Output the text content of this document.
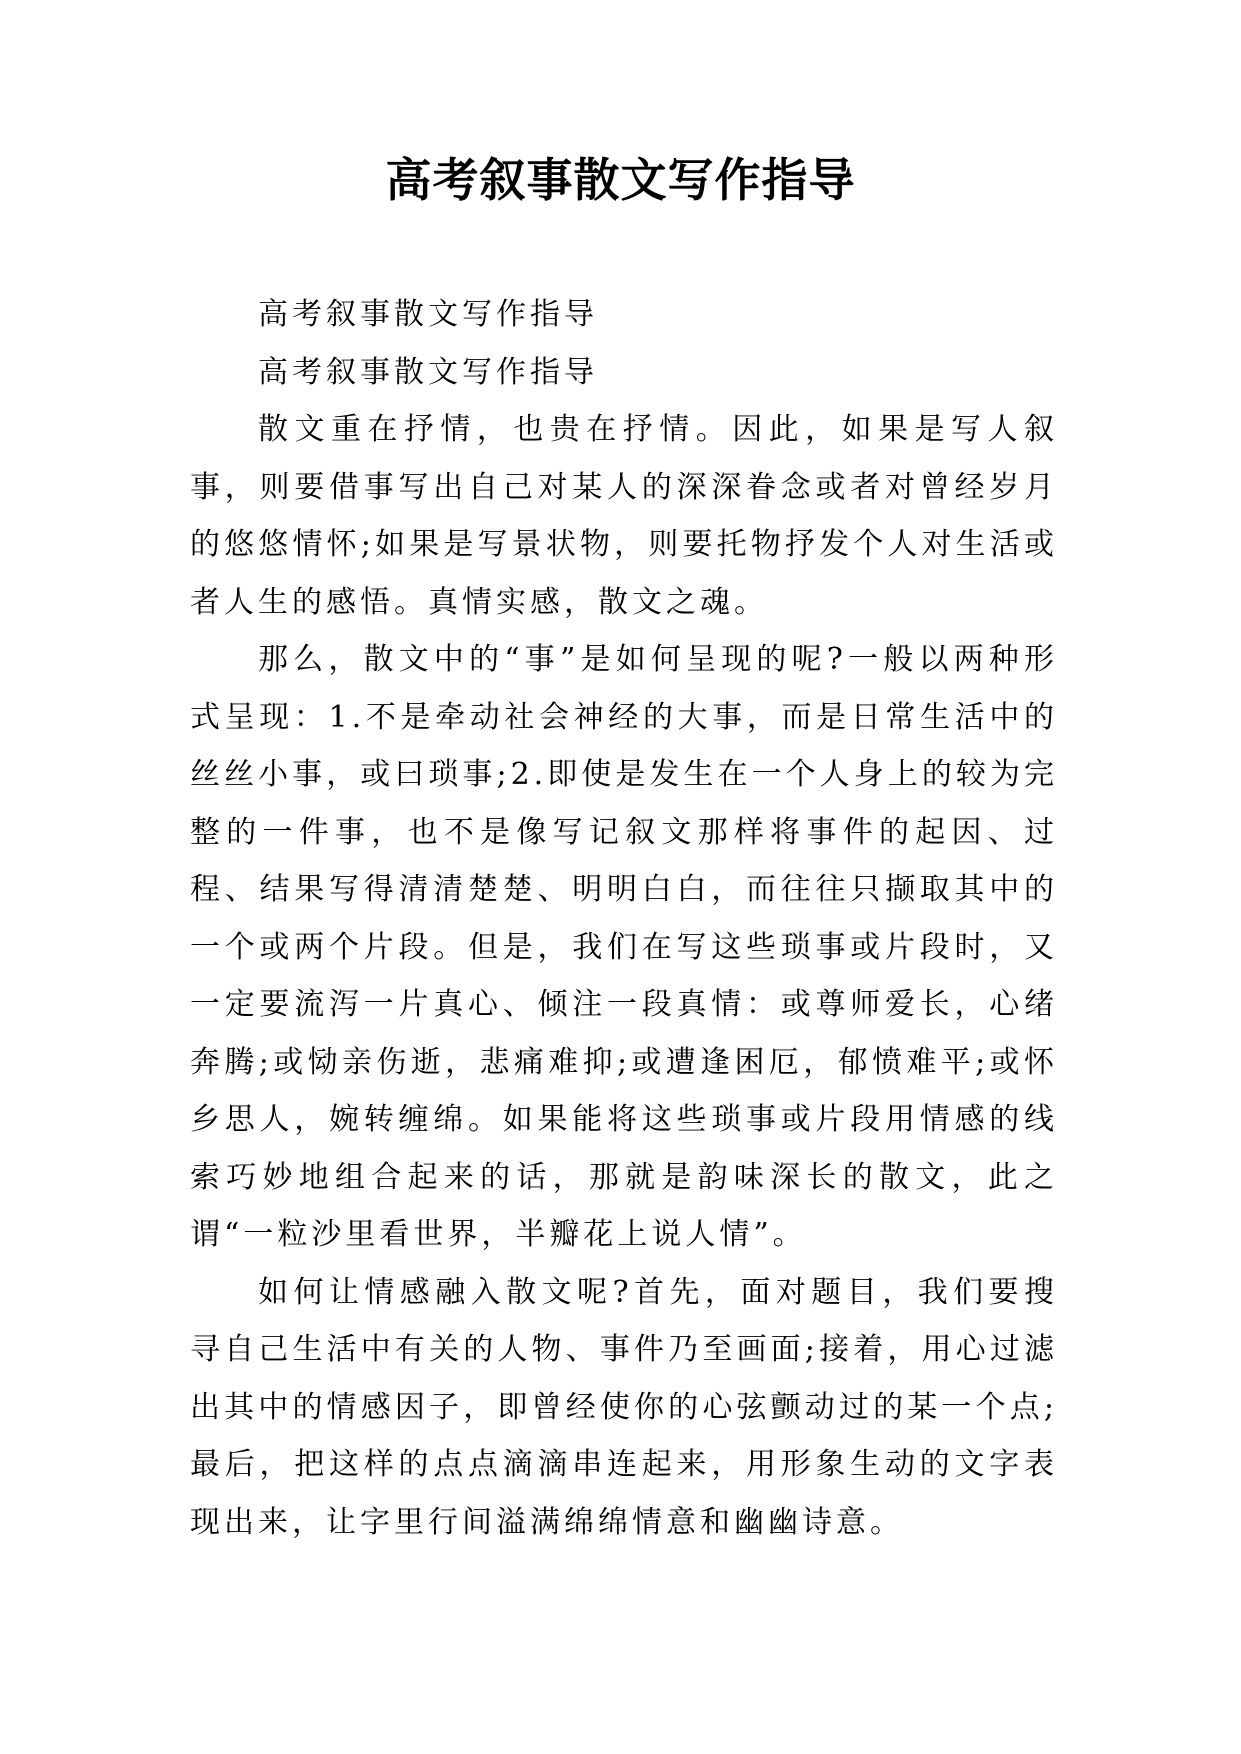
高考叙事散文写作指导

高考叙事散文写作指导

高考叙事散文写作指导

散文重在抒情，也贵在抒情。因此，如果是写人叙事，则要借事写出自己对某人的深深眷念或者对曾经岁月的悠悠情怀;如果是写景状物，则要托物抒发个人对生活或者人生的感悟。真情实感，散文之魂。

那么，散文中的“事”是如何呈现的呢?一般以两种形式呈现：1.不是牵动社会神经的大事，而是日常生活中的丝丝小事，或曰琐事;2.即使是发生在一个人身上的较为完整的一件事，也不是像写记叙文那样将事件的起因、过程、结果写得清清楚楚、明明白白，而往往只撷取其中的一个或两个片段。但是，我们在写这些琐事或片段时，又一定要流泻一片真心、倾注一段真情：或尊师爱长，心绪奔腾;或恸亲伤逝，悲痛难抑;或遭逢困厄，郁愤难平;或怀乡思人，婉转缠绵。如果能将这些琐事或片段用情感的线索巧妙地组合起来的话，那就是韵味深长的散文，此之谓“一粒沙里看世界，半瓣花上说人情”。

如何让情感融入散文呢?首先，面对题目，我们要搜寻自己生活中有关的人物、事件乃至画面;接着，用心过滤出其中的情感因子，即曾经使你的心弦颤动过的某一个点;最后，把这样的点点滴滴串连起来，用形象生动的文字表现出来，让字里行间溢满绵绵情意和幽幽诗意。
